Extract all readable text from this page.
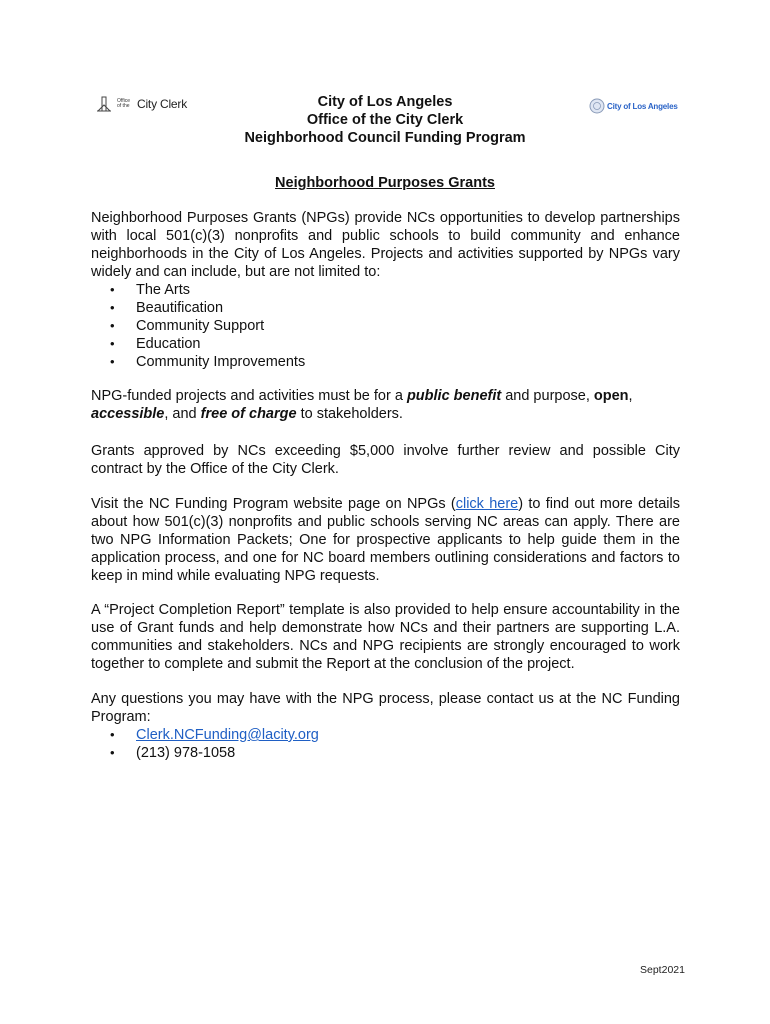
Office of the City Clerk	City of Los Angeles
City of Los Angeles
Office of the City Clerk
Neighborhood Council Funding Program
Neighborhood Purposes Grants
Neighborhood Purposes Grants (NPGs) provide NCs opportunities to develop partnerships with local 501(c)(3) nonprofits and public schools to build community and enhance neighborhoods in the City of Los Angeles. Projects and activities supported by NPGs vary widely and can include, but are not limited to:
• The Arts
• Beautification
• Community Support
• Education
• Community Improvements
NPG-funded projects and activities must be for a public benefit and purpose, open, accessible, and free of charge to stakeholders.
Grants approved by NCs exceeding $5,000 involve further review and possible City contract by the Office of the City Clerk.
Visit the NC Funding Program website page on NPGs (click here) to find out more details about how 501(c)(3) nonprofits and public schools serving NC areas can apply. There are two NPG Information Packets; One for prospective applicants to help guide them in the application process, and one for NC board members outlining considerations and factors to keep in mind while evaluating NPG requests.
A “Project Completion Report” template is also provided to help ensure accountability in the use of Grant funds and help demonstrate how NCs and their partners are supporting L.A. communities and stakeholders. NCs and NPG recipients are strongly encouraged to work together to complete and submit the Report at the conclusion of the project.
Any questions you may have with the NPG process, please contact us at the NC Funding Program:
• Clerk.NCFunding@lacity.org
• (213) 978-1058
Sept2021
